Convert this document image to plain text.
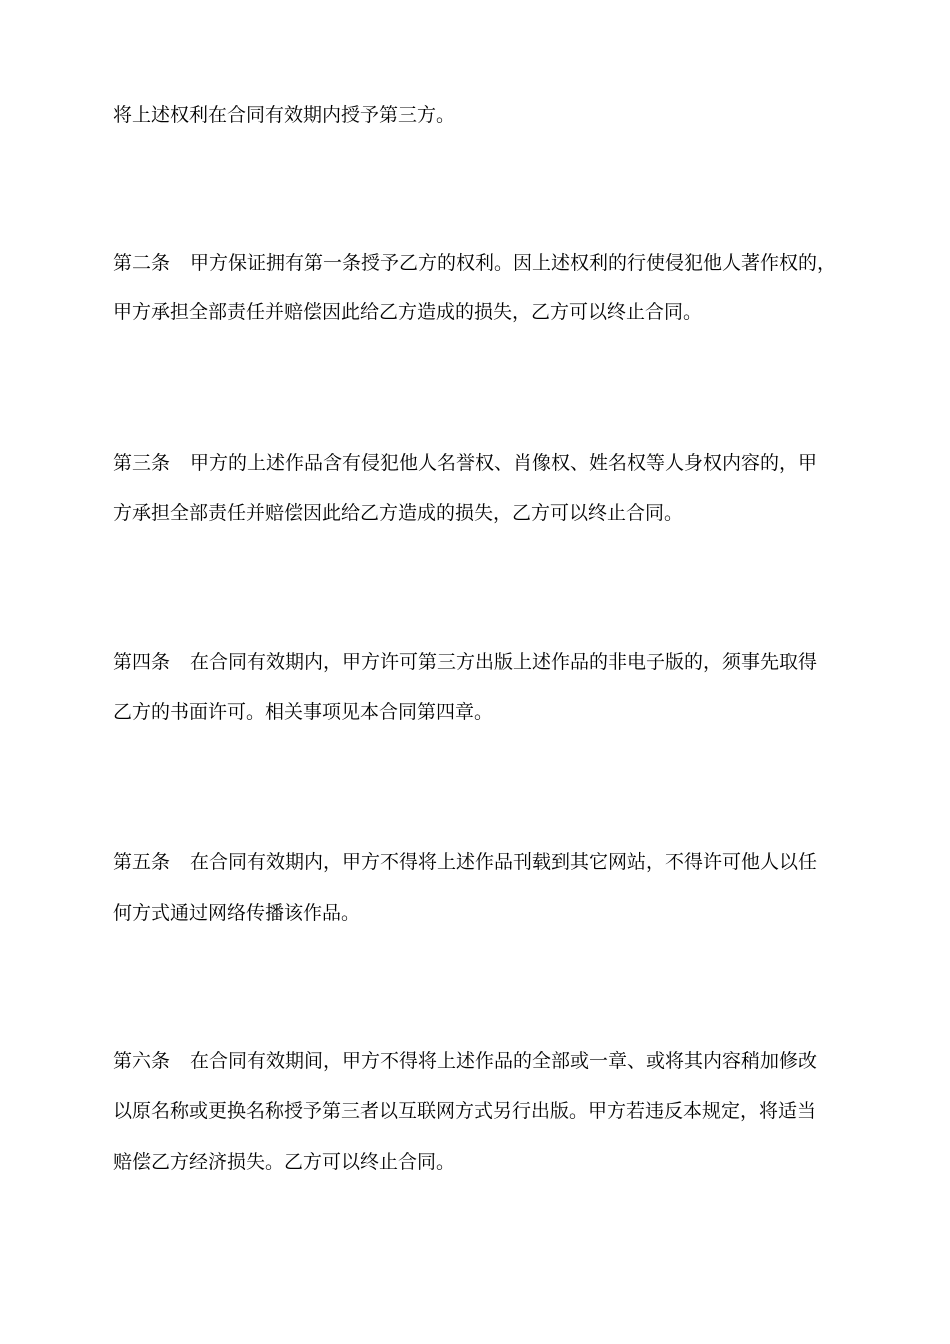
将上述权利在合同有效期内授予第三方。
第二条 甲方保证拥有第一条授予乙方的权利。因上述权利的行使侵犯他人著作权的，
甲方承担全部责任并赔偿因此给乙方造成的损失，乙方可以终止合同。
第三条 甲方的上述作品含有侵犯他人名誉权、肖像权、姓名权等人身权内容的，甲
方承担全部责任并赔偿因此给乙方造成的损失，乙方可以终止合同。
第四条 在合同有效期内，甲方许可第三方出版上述作品的非电子版的，须事先取得
乙方的书面许可。相关事项见本合同第四章。
第五条 在合同有效期内，甲方不得将上述作品刊载到其它网站，不得许可他人以任
何方式通过网络传播该作品。
第六条 在合同有效期间，甲方不得将上述作品的全部或一章、或将其内容稍加修改
以原名称或更换名称授予第三者以互联网方式另行出版。甲方若违反本规定，将适当
赔偿乙方经济损失。乙方可以终止合同。
